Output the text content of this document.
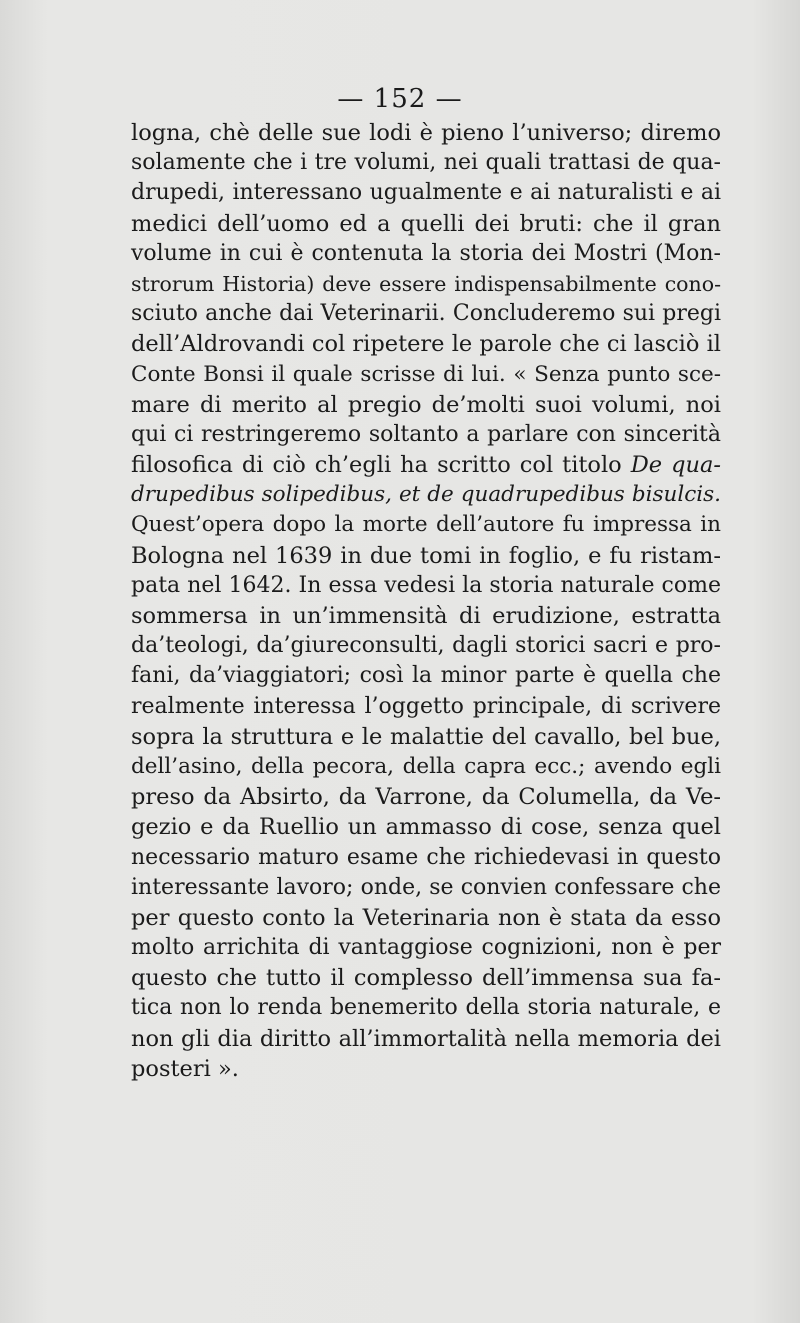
— 152 —
logna, chè delle sue lodi è pieno l’universo; diremo
solamente che i tre volumi, nei quali trattasi de qua-
drupedi, interessano ugualmente e ai naturalisti e ai
medici dell’uomo ed a quelli dei bruti: che il gran
volume in cui è contenuta la storia dei Mostri (Mon-
strorum Historia) deve essere indispensabilmente cono-
sciuto anche dai Veterinarii. Concluderemo sui pregi
dell’Aldrovandi col ripetere le parole che ci lasciò il
Conte Bonsi il quale scrisse di lui. « Senza punto sce-
mare di merito al pregio de’molti suoi volumi, noi
qui ci restringeremo soltanto a parlare con sincerità
filosofica di ciò ch’egli ha scritto col titolo De qua-
drupedibus solipedibus, et de quadrupedibus bisulcis.
Quest’opera dopo la morte dell’autore fu impressa in
Bologna nel 1639 in due tomi in foglio, e fu ristam-
pata nel 1642. In essa vedesi la storia naturale come
sommersa in un’immensità di erudizione, estratta
da’teologi, da’giureconsulti, dagli storici sacri e pro-
fani, da’viaggiatori; così la minor parte è quella che
realmente interessa l’oggetto principale, di scrivere
sopra la struttura e le malattie del cavallo, bel bue,
dell’asino, della pecora, della capra ecc.; avendo egli
preso da Absirto, da Varrone, da Columella, da Ve-
gezio e da Ruellio un ammasso di cose, senza quel
necessario maturo esame che richiedevasi in questo
interessante lavoro; onde, se convien confessare che
per questo conto la Veterinaria non è stata da esso
molto arrichita di vantaggiose cognizioni, non è per
questo che tutto il complesso dell’immensa sua fa-
tica non lo renda benemerito della storia naturale, e
non gli dia diritto all’immortalità nella memoria dei
posteri ».
